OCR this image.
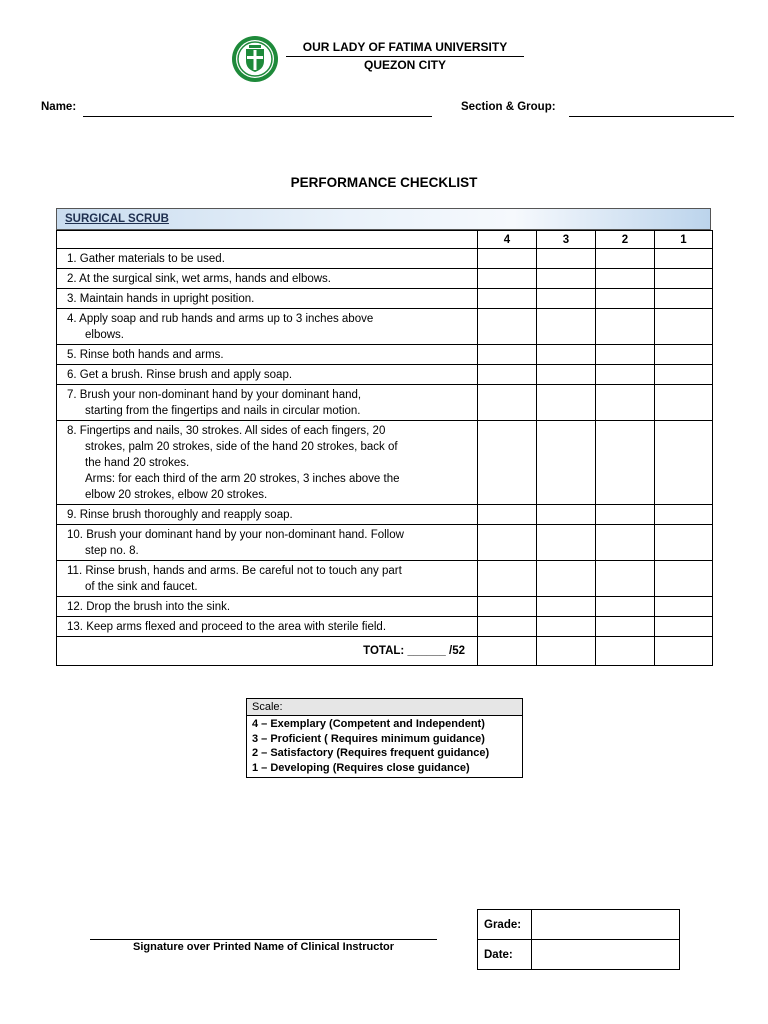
OUR LADY OF FATIMA UNIVERSITY
QUEZON CITY
Name:	Section & Group:
PERFORMANCE CHECKLIST
SURGICAL SCRUB
	4	3	2	1
1. Gather materials to be used.				
2. At the surgical sink, wet arms, hands and elbows.				
3. Maintain hands in upright position.				
4. Apply soap and rub hands and arms up to 3 inches above
elbows.				

5. Rinse both hands and arms.				
6. Get a brush. Rinse brush and apply soap.				
7. Brush your non-dominant hand by your dominant hand,
starting from the fingertips and nails in circular motion.				

8. Fingertips and nails, 30 strokes. All sides of each fingers, 20
strokes, palm 20 strokes, side of the hand 20 strokes, back of
the hand 20 strokes.
Arms: for each third of the arm 20 strokes, 3 inches above the
elbow 20 strokes, elbow 20 strokes.				

9. Rinse brush thoroughly and reapply soap.				
10. Brush your dominant hand by your non-dominant hand. Follow
step no. 8.				

11. Rinse brush, hands and arms. Be careful not to touch any part
of the sink and faucet.				

12. Drop the brush into the sink.				
13. Keep arms flexed and proceed to the area with sterile field.				
TOTAL: ______ /52				
Scale:
4 – Exemplary (Competent and Independent)
3 – Proficient ( Requires minimum guidance)
2 – Satisfactory (Requires frequent guidance)
1 – Developing (Requires close guidance)
Signature over Printed Name of Clinical Instructor
Grade:	
Date:	
